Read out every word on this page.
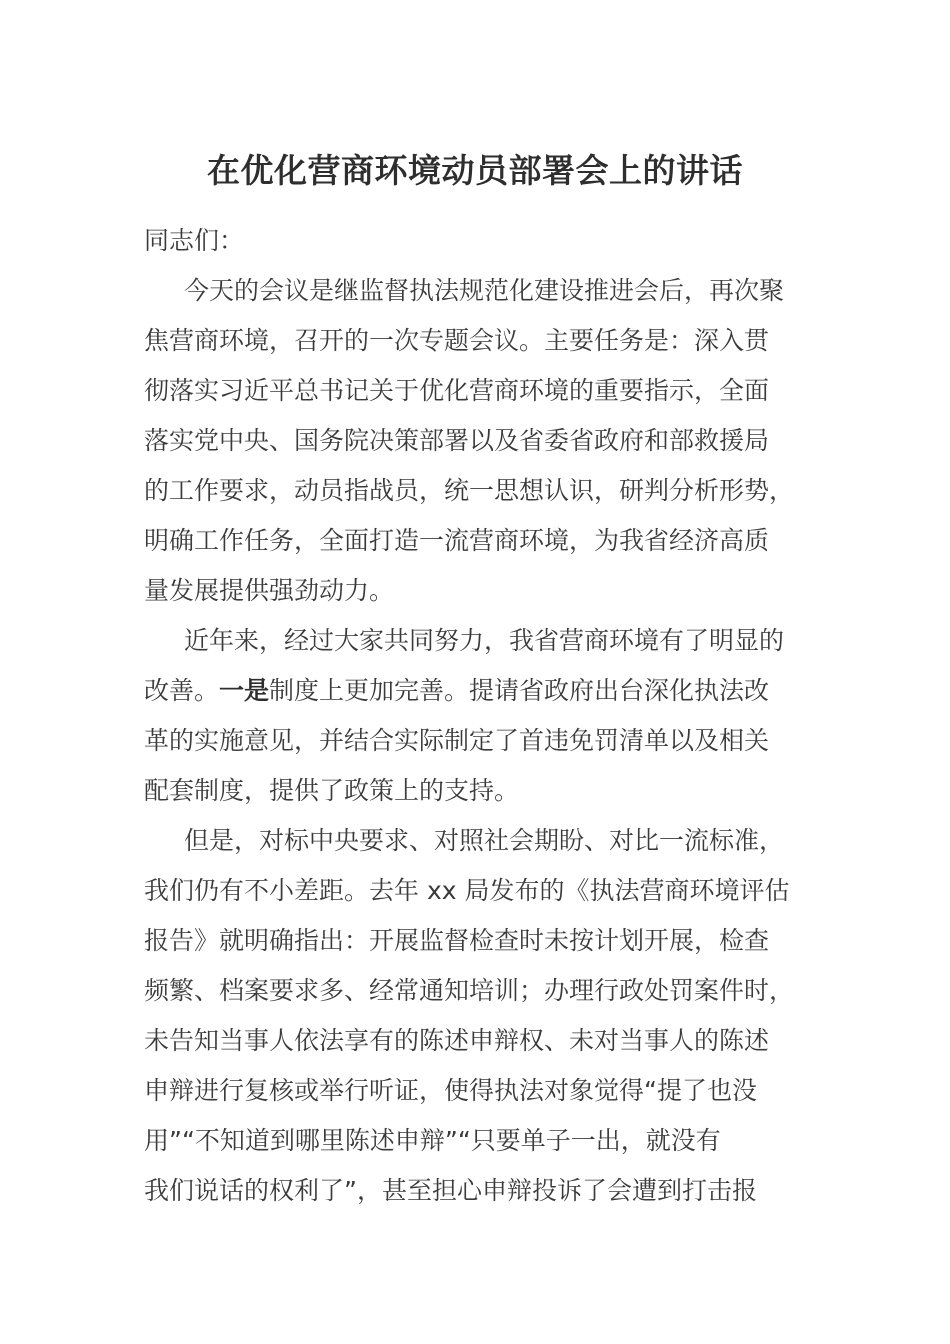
在优化营商环境动员部署会上的讲话
同志们：
今天的会议是继监督执法规范化建设推进会后，再次聚
焦营商环境，召开的一次专题会议。主要任务是：深入贯
彻落实习近平总书记关于优化营商环境的重要指示，全面
落实党中央、国务院决策部署以及省委省政府和部救援局
的工作要求，动员指战员，统一思想认识，研判分析形势，
明确工作任务，全面打造一流营商环境，为我省经济高质
量发展提供强劲动力。
近年来，经过大家共同努力，我省营商环境有了明显的
改善。一是制度上更加完善。提请省政府出台深化执法改
革的实施意见，并结合实际制定了首违免罚清单以及相关
配套制度，提供了政策上的支持。
但是，对标中央要求、对照社会期盼、对比一流标准，
我们仍有不小差距。去年 xx 局发布的《执法营商环境评估
报告》就明确指出：开展监督检查时未按计划开展，检查
频繁、档案要求多、经常通知培训；办理行政处罚案件时，
未告知当事人依法享有的陈述申辩权、未对当事人的陈述
申辩进行复核或举行听证，使得执法对象觉得“提了也没
用”“不知道到哪里陈述申辩”“只要单子一出，就没有
我们说话的权利了”，甚至担心申辩投诉了会遭到打击报
